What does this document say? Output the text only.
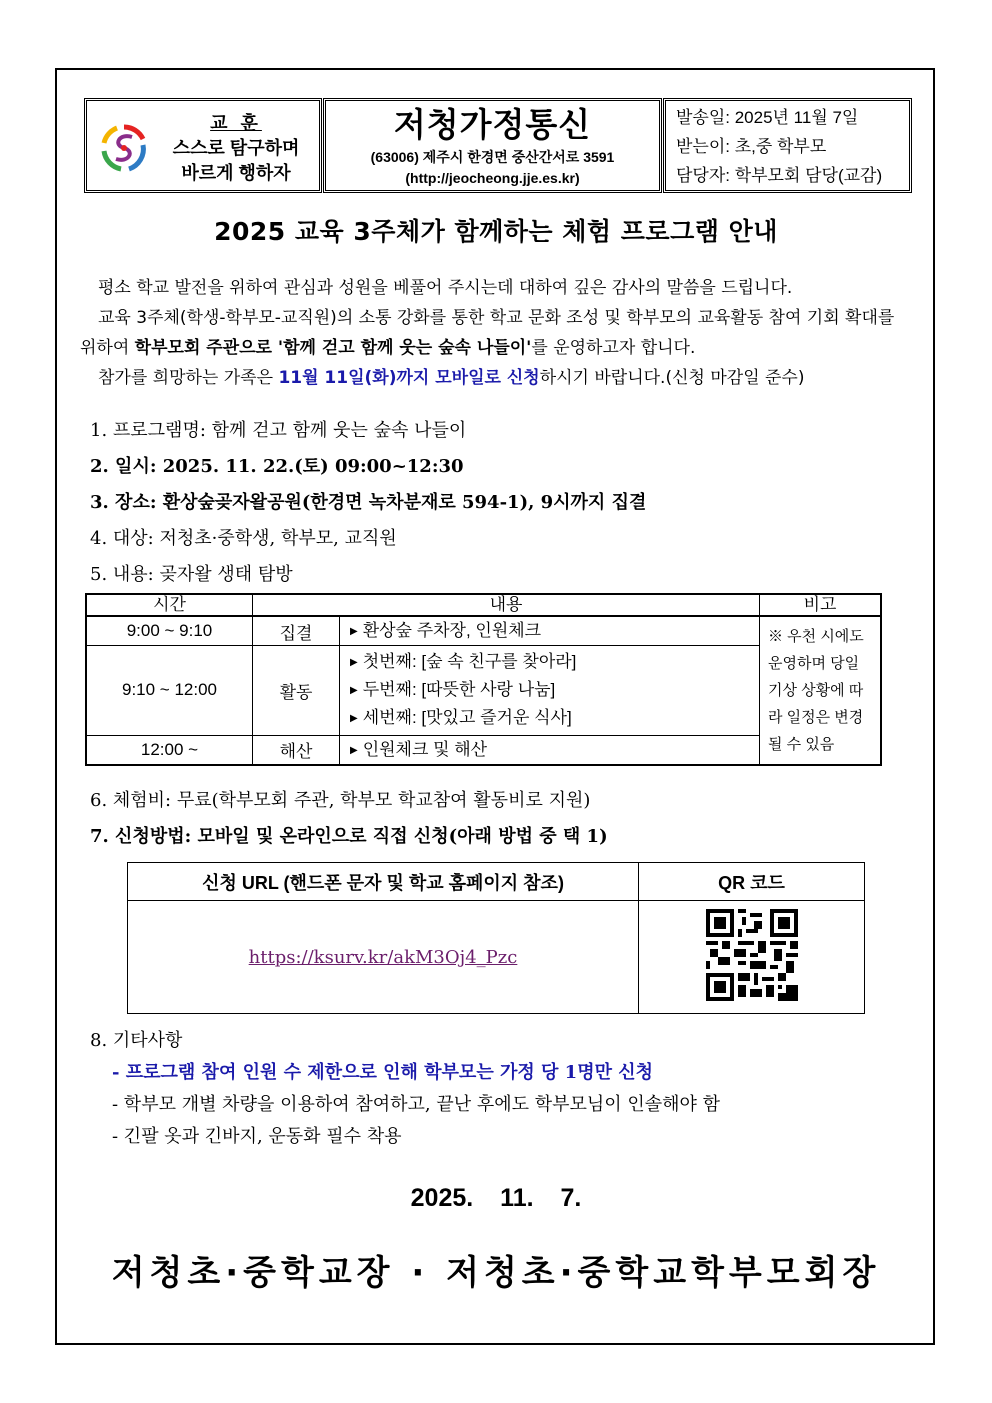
교 훈
스스로 탐구하며
바르게 행하자
저청가정통신
(63006) 제주시 한경면 중산간서로 3591
(http://jeocheong.jje.es.kr)
발송일: 2025년 11월 7일
받는이: 초,중 학부모
담당자: 학부모회 담당(교감)
2025 교육 3주체가 함께하는 체험 프로그램 안내
평소 학교 발전을 위하여 관심과 성원을 베풀어 주시는데 대하여 깊은 감사의 말씀을 드립니다.
교육 3주체(학생-학부모-교직원)의 소통 강화를 통한 학교 문화 조성 및 학부모의 교육활동 참여 기회 확대를 위하여 학부모회 주관으로 '함께 걷고 함께 웃는 숲속 나들이'를 운영하고자 합니다.
참가를 희망하는 가족은 11월 11일(화)까지 모바일로 신청하시기 바랍니다.(신청 마감일 준수)
1. 프로그램명: 함께 걷고 함께 웃는 숲속 나들이
2. 일시: 2025. 11. 22.(토) 09:00~12:30
3. 장소: 환상숲곶자왈공원(한경면 녹차분재로 594-1), 9시까지 집결
4. 대상: 저청초·중학생, 학부모, 교직원
5. 내용: 곶자왈 생태 탐방
시간	내용		비고
9:00 ~ 9:10	집결	▶ 환상숲 주차장, 인원체크	※ 우천 시에도 운영하며 당일 기상 상황에 따라 일정은 변경될 수 있음
9:10 ~ 12:00	활동	▶ 첫번째: [숲 속 친구를 찾아라]
▶ 두번째: [따뜻한 사랑 나눔]
▶ 세번째: [맛있고 즐거운 식사]	

12:00 ~	해산	▶ 인원체크 및 해산	
6. 체험비: 무료(학부모회 주관, 학부모 학교참여 활동비로 지원)
7. 신청방법: 모바일 및 온라인으로 직접 신청(아래 방법 중 택 1)
신청 URL (핸드폰 문자 및 학교 홈페이지 참조)	QR 코드
https://ksurv.kr/akM3Oj4_Pzc	
8. 기타사항
- 프로그램 참여 인원 수 제한으로 인해 학부모는 가정 당 1명만 신청
- 학부모 개별 차량을 이용하여 참여하고, 끝난 후에도 학부모님이 인솔해야 함
- 긴팔 옷과 긴바지, 운동화 필수 착용
2025. 11. 7.
저청초·중학교장 · 저청초·중학교학부모회장
